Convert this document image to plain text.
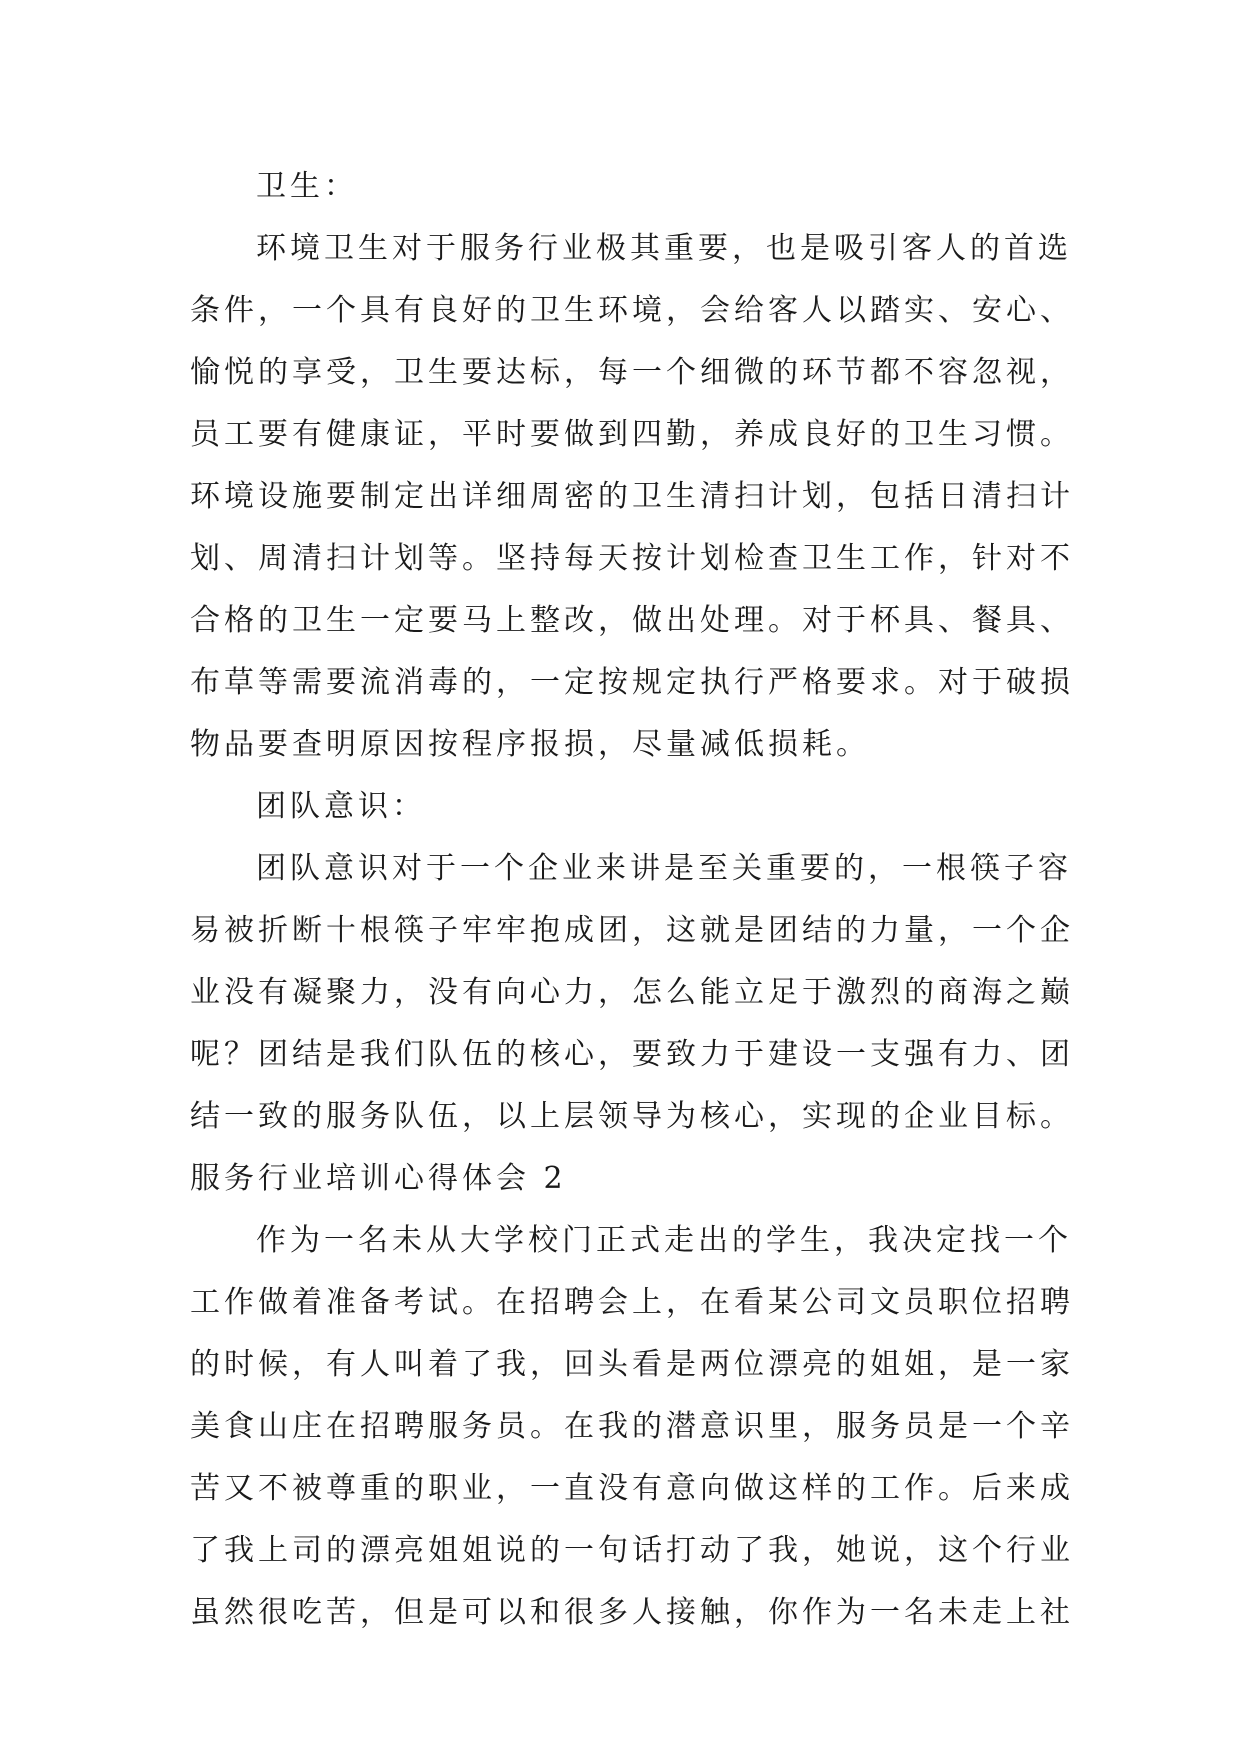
卫生：
环境卫生对于服务行业极其重要，也是吸引客人的首选
条件，一个具有良好的卫生环境，会给客人以踏实、安心、
愉悦的享受，卫生要达标，每一个细微的环节都不容忽视，
员工要有健康证，平时要做到四勤，养成良好的卫生习惯。
环境设施要制定出详细周密的卫生清扫计划，包括日清扫计
划、周清扫计划等。坚持每天按计划检查卫生工作，针对不
合格的卫生一定要马上整改，做出处理。对于杯具、餐具、
布草等需要流消毒的，一定按规定执行严格要求。对于破损
物品要查明原因按程序报损，尽量减低损耗。
团队意识：
团队意识对于一个企业来讲是至关重要的，一根筷子容
易被折断十根筷子牢牢抱成团，这就是团结的力量，一个企
业没有凝聚力，没有向心力，怎么能立足于激烈的商海之巅
呢？团结是我们队伍的核心，要致力于建设一支强有力、团
结一致的服务队伍，以上层领导为核心，实现的企业目标。
服务行业培训心得体会 2
作为一名未从大学校门正式走出的学生，我决定找一个
工作做着准备考试。在招聘会上，在看某公司文员职位招聘
的时候，有人叫着了我，回头看是两位漂亮的姐姐，是一家
美食山庄在招聘服务员。在我的潜意识里，服务员是一个辛
苦又不被尊重的职业，一直没有意向做这样的工作。后来成
了我上司的漂亮姐姐说的一句话打动了我，她说，这个行业
虽然很吃苦，但是可以和很多人接触，你作为一名未走上社
